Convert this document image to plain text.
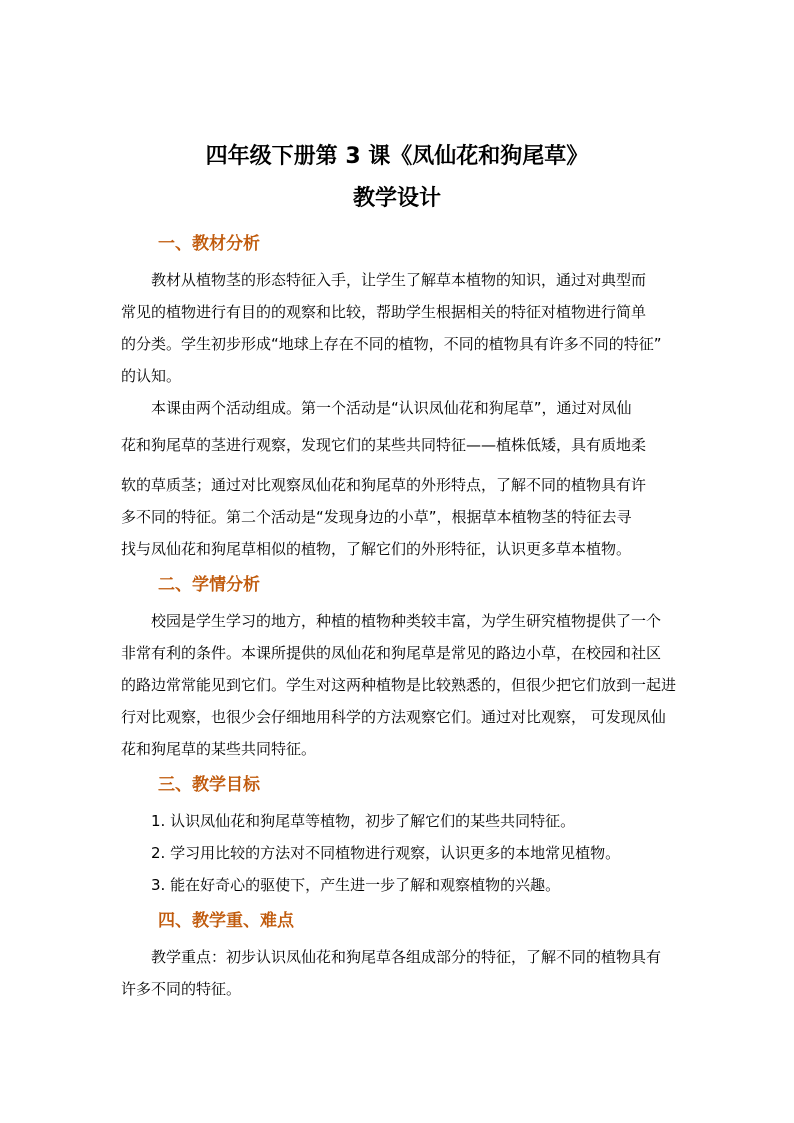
四年级下册第 3 课《凤仙花和狗尾草》
教学设计
一、教材分析
教材从植物茎的形态特征入手，让学生了解草本植物的知识，通过对典型而
常见的植物进行有目的的观察和比较，帮助学生根据相关的特征对植物进行简单
的分类。学生初步形成“地球上存在不同的植物，不同的植物具有许多不同的特征”
的认知。
本课由两个活动组成。第一个活动是“认识凤仙花和狗尾草”，通过对凤仙
花和狗尾草的茎进行观察，发现它们的某些共同特征——植株低矮，具有质地柔
软的草质茎；通过对比观察凤仙花和狗尾草的外形特点，了解不同的植物具有许
多不同的特征。第二个活动是“发现身边的小草”，根据草本植物茎的特征去寻
找与凤仙花和狗尾草相似的植物，了解它们的外形特征，认识更多草本植物。
二、学情分析
校园是学生学习的地方，种植的植物种类较丰富，为学生研究植物提供了一个
非常有利的条件。本课所提供的凤仙花和狗尾草是常见的路边小草，在校园和社区
的路边常常能见到它们。学生对这两种植物是比较熟悉的，但很少把它们放到一起进
行对比观察，也很少会仔细地用科学的方法观察它们。通过对比观察， 可发现凤仙
花和狗尾草的某些共同特征。
三、教学目标
1. 认识凤仙花和狗尾草等植物，初步了解它们的某些共同特征。
2. 学习用比较的方法对不同植物进行观察，认识更多的本地常见植物。
3. 能在好奇心的驱使下，产生进一步了解和观察植物的兴趣。
四、教学重、难点
教学重点：初步认识凤仙花和狗尾草各组成部分的特征，了解不同的植物具有
许多不同的特征。
